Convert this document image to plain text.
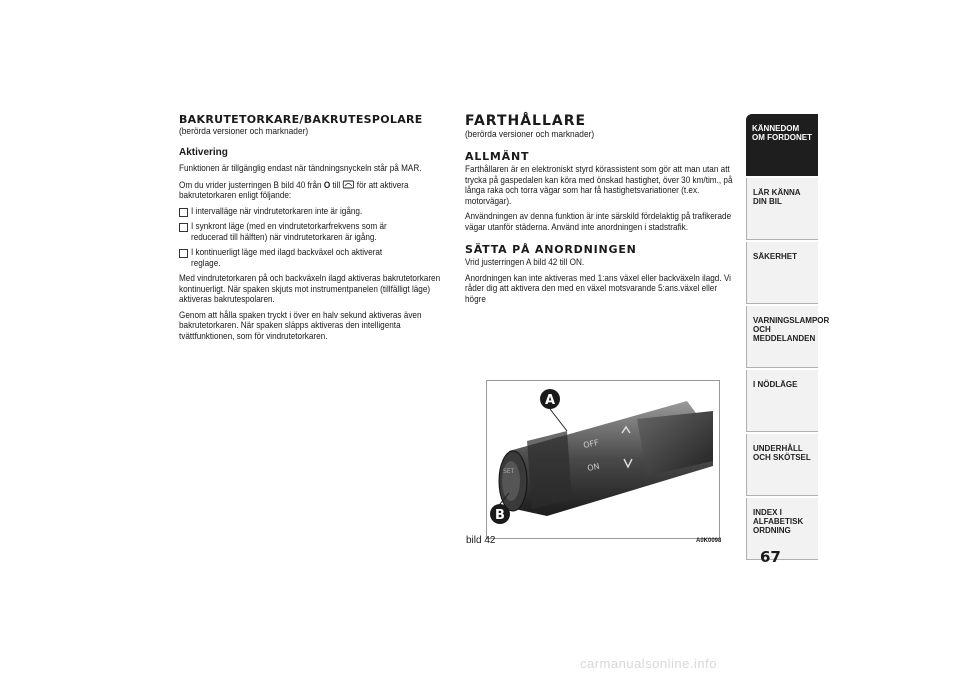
BAKRUTETORKARE/BAKRUTESPOLARE
(berörda versioner och marknader)
Aktivering

Funktionen är tillgänglig endast när tändningsnyckeln står på MAR.

Om du vrider justerringen B bild 40 från O till för att aktivera bakrutetorkaren enligt följande:

I intervalläge när vindrutetorkaren inte är igång.
I synkront läge (med en vindrutetorkarfrekvens som är reducerad till hälften) när vindrutetorkaren är igång.
I kontinuerligt läge med ilagd backväxel och aktiverat reglage.

Med vindrutetorkaren på och backväxeln ilagd aktiveras bakrutetorkaren kontinuerligt. När spaken skjuts mot instrumentpanelen (tillfälligt läge) aktiveras bakrutespolaren.

Genom att hålla spaken tryckt i över en halv sekund aktiveras även bakrutetorkaren. När spaken släpps aktiveras den intelligenta tvättfunktionen, som för vindrutetorkaren.

FARTHÅLLARE
(berörda versioner och marknader)
ALLMÄNT

Farthållaren är en elektroniskt styrd körassistent som gör att man utan att trycka på gaspedalen kan köra med önskad hastighet, över 30 km/tim., på långa raka och torra vägar som har få hastighetsvariationer (t.ex. motorvägar).

Användningen av denna funktion är inte särskild fördelaktig på trafikerade vägar utanför städerna. Använd inte anordningen i stadstrafik.

SÄTTA PÅ ANORDNINGEN

Vrid justerringen A bild 42 till ON.

Anordningen kan inte aktiveras med 1:ans växel eller backväxeln ilagd. Vi råder dig att aktivera den med en växel motsvarande 5:ans.växel eller högre

OFF
ON
SET
A
B
bild 42	A0K0098
KÄNNEDOM OM FORDONET
LÄR KÄNNA DIN BIL
SÄKERHET
VARNINGSLAMPOR OCH MEDDELANDEN
I NÖDLÄGE
UNDERHÅLL OCH SKÖTSEL
INDEX I ALFABETISK ORDNING
67
carmanualsonline.info
